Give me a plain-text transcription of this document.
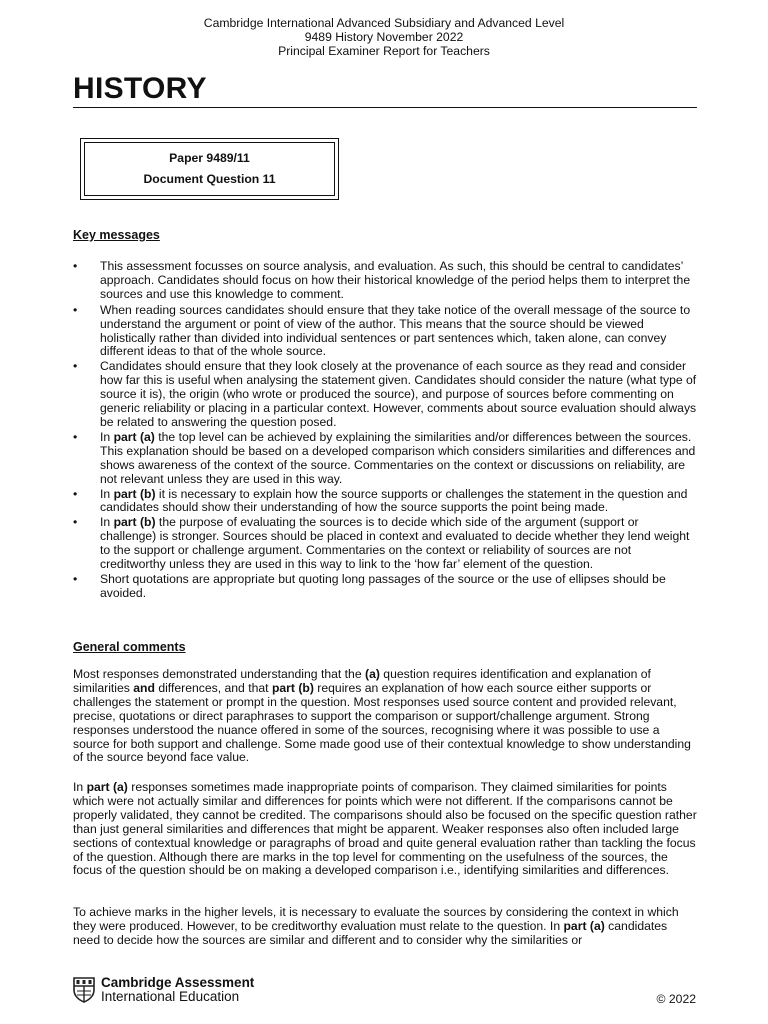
Cambridge International Advanced Subsidiary and Advanced Level
9489 History November 2022
Principal Examiner Report for Teachers
HISTORY
Paper 9489/11
Document Question 11
Key messages
• This assessment focusses on source analysis, and evaluation. As such, this should be central to candidates’ approach. Candidates should focus on how their historical knowledge of the period helps them to interpret the sources and use this knowledge to comment.
• When reading sources candidates should ensure that they take notice of the overall message of the source to understand the argument or point of view of the author. This means that the source should be viewed holistically rather than divided into individual sentences or part sentences which, taken alone, can convey different ideas to that of the whole source.
• Candidates should ensure that they look closely at the provenance of each source as they read and consider how far this is useful when analysing the statement given. Candidates should consider the nature (what type of source it is), the origin (who wrote or produced the source), and purpose of sources before commenting on generic reliability or placing in a particular context. However, comments about source evaluation should always be related to answering the question posed.
• In part (a) the top level can be achieved by explaining the similarities and/or differences between the sources. This explanation should be based on a developed comparison which considers similarities and differences and shows awareness of the context of the source. Commentaries on the context or discussions on reliability, are not relevant unless they are used in this way.
• In part (b) it is necessary to explain how the source supports or challenges the statement in the question and candidates should show their understanding of how the source supports the point being made.
• In part (b) the purpose of evaluating the sources is to decide which side of the argument (support or challenge) is stronger. Sources should be placed in context and evaluated to decide whether they lend weight to the support or challenge argument. Commentaries on the context or reliability of sources are not creditworthy unless they are used in this way to link to the ‘how far’ element of the question.
• Short quotations are appropriate but quoting long passages of the source or the use of ellipses should be avoided.
General comments

Most responses demonstrated understanding that the (a) question requires identification and explanation of similarities and differences, and that part (b) requires an explanation of how each source either supports or challenges the statement or prompt in the question. Most responses used source content and provided relevant, precise, quotations or direct paraphrases to support the comparison or support/challenge argument. Strong responses understood the nuance offered in some of the sources, recognising where it was possible to use a source for both support and challenge. Some made good use of their contextual knowledge to show understanding of the source beyond face value.

In part (a) responses sometimes made inappropriate points of comparison. They claimed similarities for points which were not actually similar and differences for points which were not different. If the comparisons cannot be properly validated, they cannot be credited. The comparisons should also be focused on the specific question rather than just general similarities and differences that might be apparent. Weaker responses also often included large sections of contextual knowledge or paragraphs of broad and quite general evaluation rather than tackling the focus of the question. Although there are marks in the top level for commenting on the usefulness of the sources, the focus of the question should be on making a developed comparison i.e., identifying similarities and differences.

To achieve marks in the higher levels, it is necessary to evaluate the sources by considering the context in which they were produced. However, to be creditworthy evaluation must relate to the question. In part (a) candidates need to decide how the sources are similar and different and to consider why the similarities or

Cambridge Assessment
International Education	© 2022
